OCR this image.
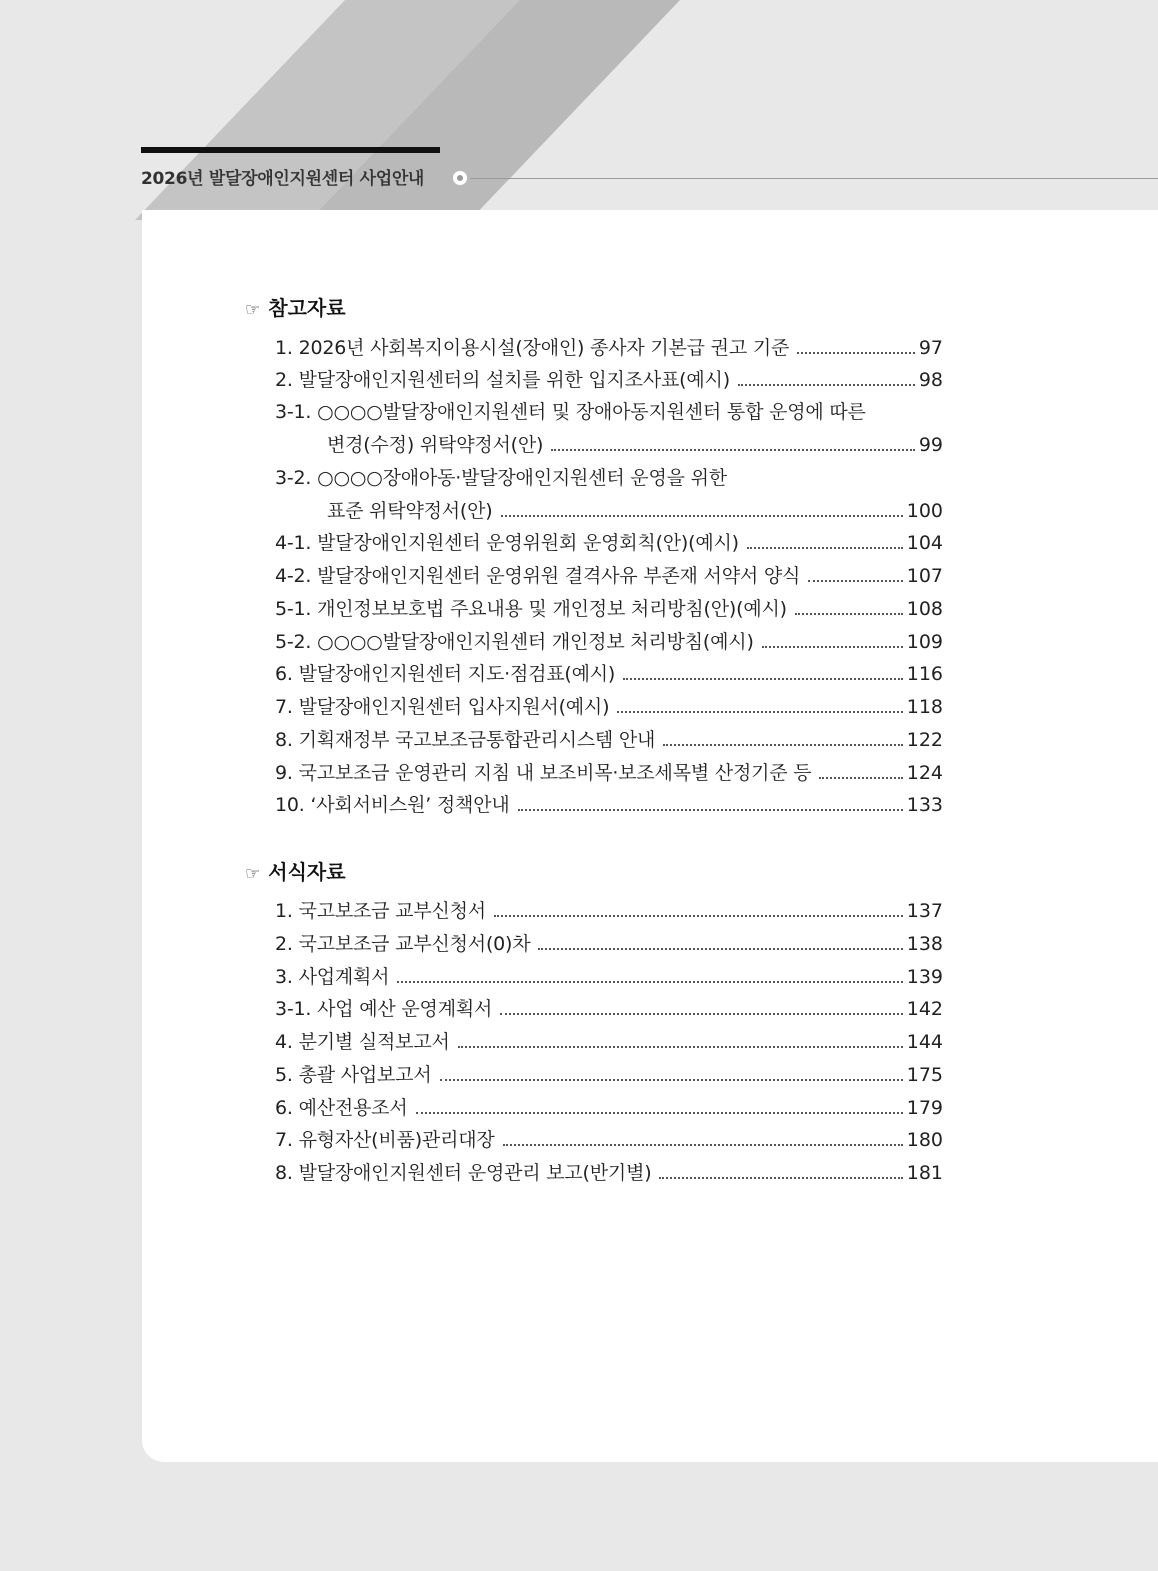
2026년 발달장애인지원센터 사업안내
☞ 참고자료
1. 2026년 사회복지이용시설(장애인) 종사자 기본급 권고 기준	97
2. 발달장애인지원센터의 설치를 위한 입지조사표(예시)	98
3-1. ○○○○발달장애인지원센터 및 장애아동지원센터 통합 운영에 따른
변경(수정) 위탁약정서(안)	99
3-2. ○○○○장애아동·발달장애인지원센터 운영을 위한
표준 위탁약정서(안)	100
4-1. 발달장애인지원센터 운영위원회 운영회칙(안)(예시)	104
4-2. 발달장애인지원센터 운영위원 결격사유 부존재 서약서 양식	107
5-1. 개인정보보호법 주요내용 및 개인정보 처리방침(안)(예시)	108
5-2. ○○○○발달장애인지원센터 개인정보 처리방침(예시)	109
6. 발달장애인지원센터 지도·점검표(예시)	116
7. 발달장애인지원센터 입사지원서(예시)	118
8. 기획재정부 국고보조금통합관리시스템 안내	122
9. 국고보조금 운영관리 지침 내 보조비목·보조세목별 산정기준 등	124
10. ‘사회서비스원’ 정책안내	133
☞ 서식자료
1. 국고보조금 교부신청서	137
2. 국고보조금 교부신청서(0)차	138
3. 사업계획서	139
3-1. 사업 예산 운영계획서	142
4. 분기별 실적보고서	144
5. 총괄 사업보고서	175
6. 예산전용조서	179
7. 유형자산(비품)관리대장	180
8. 발달장애인지원센터 운영관리 보고(반기별)	181
